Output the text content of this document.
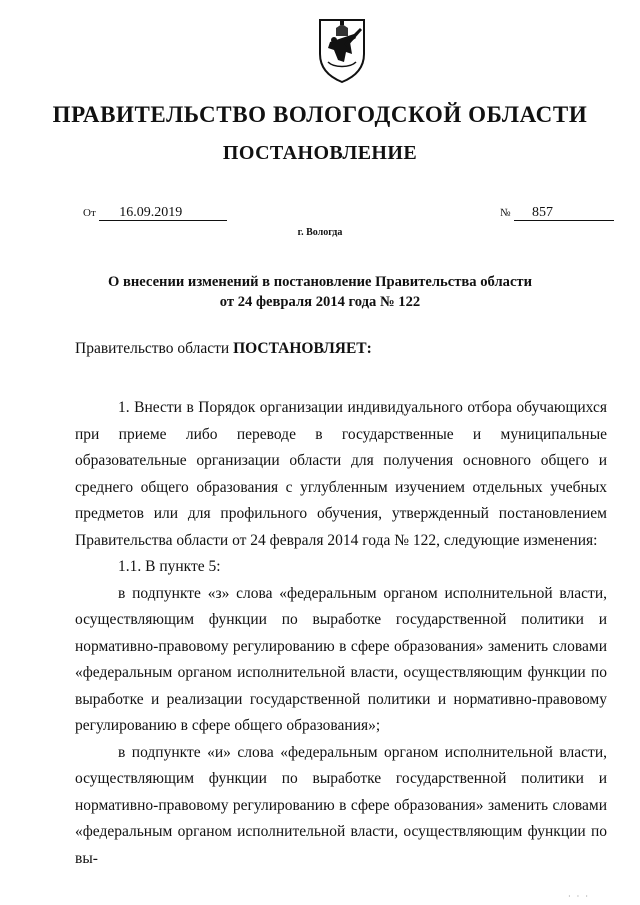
ПРАВИТЕЛЬСТВО ВОЛОГОДСКОЙ ОБЛАСТИ
ПОСТАНОВЛЕНИЕ
От 16.09.2019	№ 857
г. Вологда
О внесении изменений в постановление Правительства области
от 24 февраля 2014 года № 122
Правительство области ПОСТАНОВЛЯЕТ:

1. Внести в Порядок организации индивидуального отбора обучающихся при приеме либо переводе в государственные и муниципальные образовательные организации области для получения основного общего и среднего общего образования с углубленным изучением отдельных учебных предметов или для профильного обучения, утвержденный постановлением Правительства области от 24 февраля 2014 года № 122, следующие изменения:

1.1. В пункте 5:

в подпункте «з» слова «федеральным органом исполнительной власти, осуществляющим функции по выработке государственной политики и нормативно-правовому регулированию в сфере образования» заменить словами «федеральным органом исполнительной власти, осуществляющим функции по выработке и реализации государственной политики и нормативно-правовому регулированию в сфере общего образования»;

в подпункте «и» слова «федеральным органом исполнительной власти, осуществляющим функции по выработке государственной политики и нормативно-правовому регулированию в сфере образования» заменить словами «федеральным органом исполнительной власти, осуществляющим функции по вы-

· · ·
